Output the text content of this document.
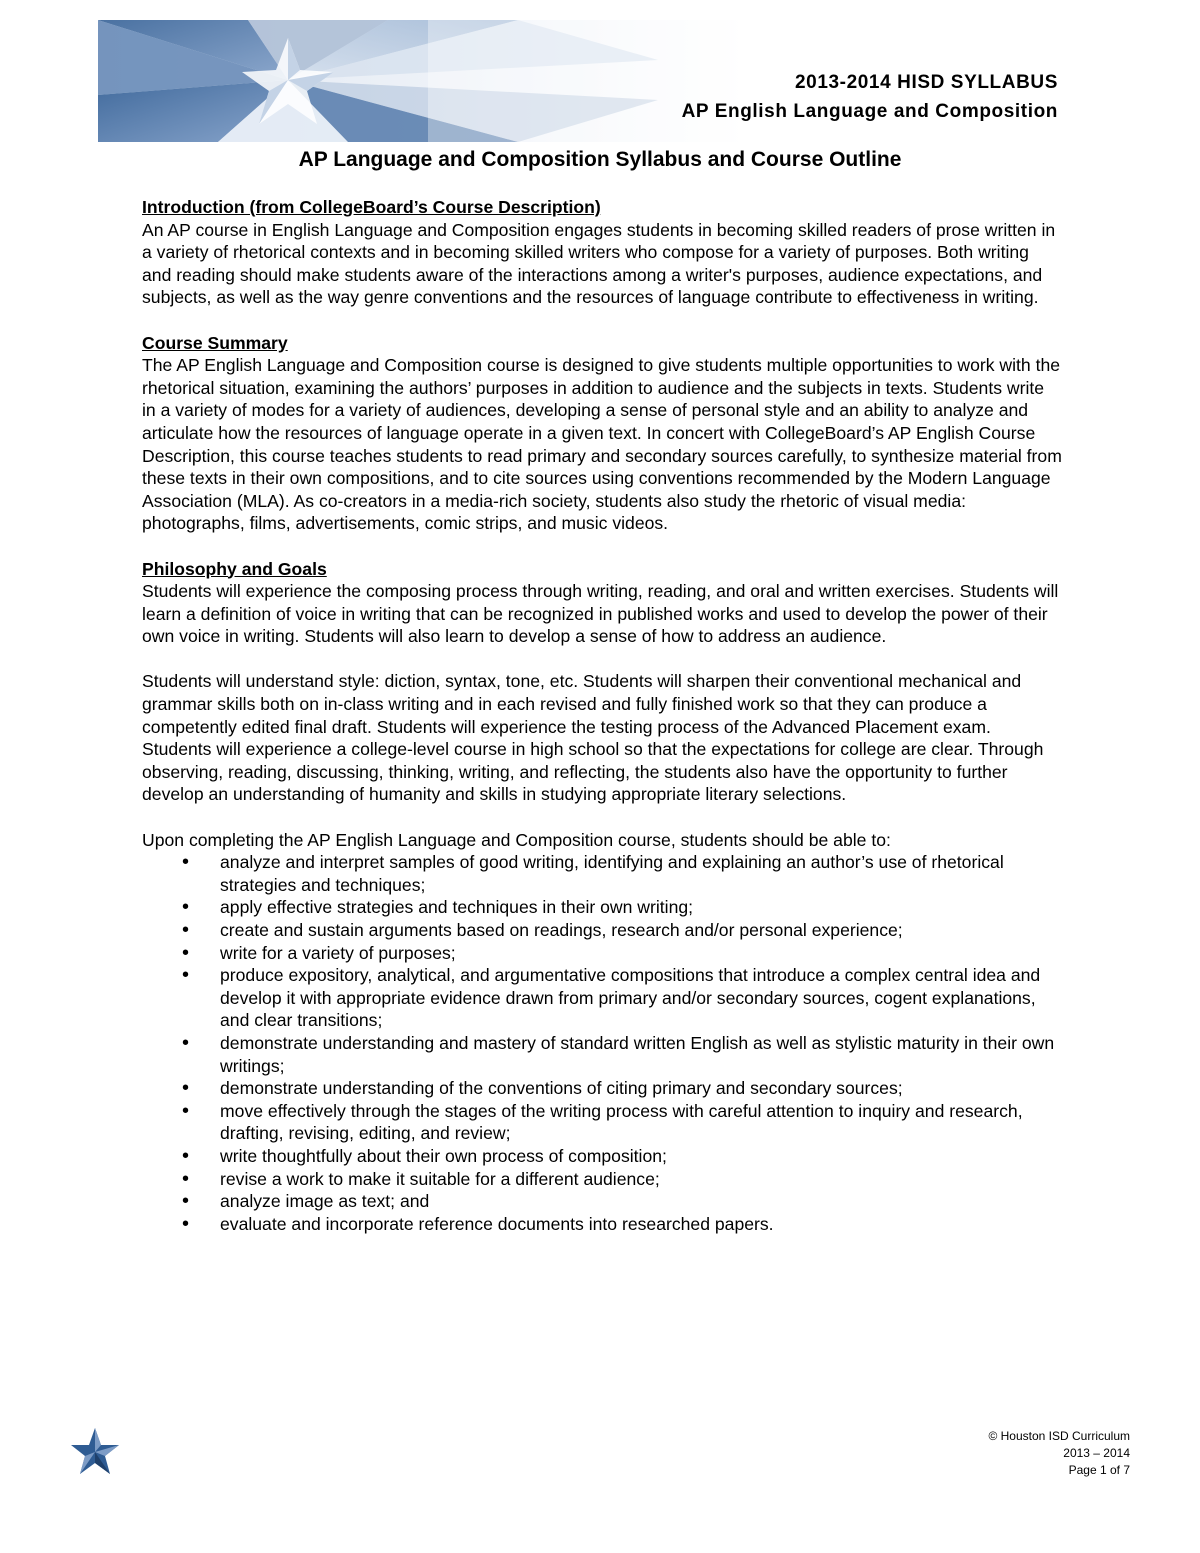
2013-2014 HISD SYLLABUS
AP English Language and Composition
AP Language and Composition Syllabus and Course Outline
Introduction (from CollegeBoard’s Course Description)

An AP course in English Language and Composition engages students in becoming skilled readers of prose written in a variety of rhetorical contexts and in becoming skilled writers who compose for a variety of purposes. Both writing and reading should make students aware of the interactions among a writer's purposes, audience expectations, and subjects, as well as the way genre conventions and the resources of language contribute to effectiveness in writing.

Course Summary

The AP English Language and Composition course is designed to give students multiple opportunities to work with the rhetorical situation, examining the authors’ purposes in addition to audience and the subjects in texts. Students write in a variety of modes for a variety of audiences, developing a sense of personal style and an ability to analyze and articulate how the resources of language operate in a given text. In concert with CollegeBoard’s AP English Course Description, this course teaches students to read primary and secondary sources carefully, to synthesize material from these texts in their own compositions, and to cite sources using conventions recommended by the Modern Language Association (MLA). As co-creators in a media-rich society, students also study the rhetoric of visual media: photographs, films, advertisements, comic strips, and music videos.

Philosophy and Goals

Students will experience the composing process through writing, reading, and oral and written exercises. Students will learn a definition of voice in writing that can be recognized in published works and used to develop the power of their own voice in writing. Students will also learn to develop a sense of how to address an audience.

Students will understand style: diction, syntax, tone, etc. Students will sharpen their conventional mechanical and grammar skills both on in-class writing and in each revised and fully finished work so that they can produce a competently edited final draft. Students will experience the testing process of the Advanced Placement exam. Students will experience a college-level course in high school so that the expectations for college are clear. Through observing, reading, discussing, thinking, writing, and reflecting, the students also have the opportunity to further develop an understanding of humanity and skills in studying appropriate literary selections.

Upon completing the AP English Language and Composition course, students should be able to:

• analyze and interpret samples of good writing, identifying and explaining an author’s use of rhetorical strategies and techniques;
• apply effective strategies and techniques in their own writing;
• create and sustain arguments based on readings, research and/or personal experience;
• write for a variety of purposes;
• produce expository, analytical, and argumentative compositions that introduce a complex central idea and develop it with appropriate evidence drawn from primary and/or secondary sources, cogent explanations, and clear transitions;
• demonstrate understanding and mastery of standard written English as well as stylistic maturity in their own writings;
• demonstrate understanding of the conventions of citing primary and secondary sources;
• move effectively through the stages of the writing process with careful attention to inquiry and research, drafting, revising, editing, and review;
• write thoughtfully about their own process of composition;
• revise a work to make it suitable for a different audience;
• analyze image as text; and
• evaluate and incorporate reference documents into researched papers.
© Houston ISD Curriculum
2013 – 2014
Page 1 of 7
